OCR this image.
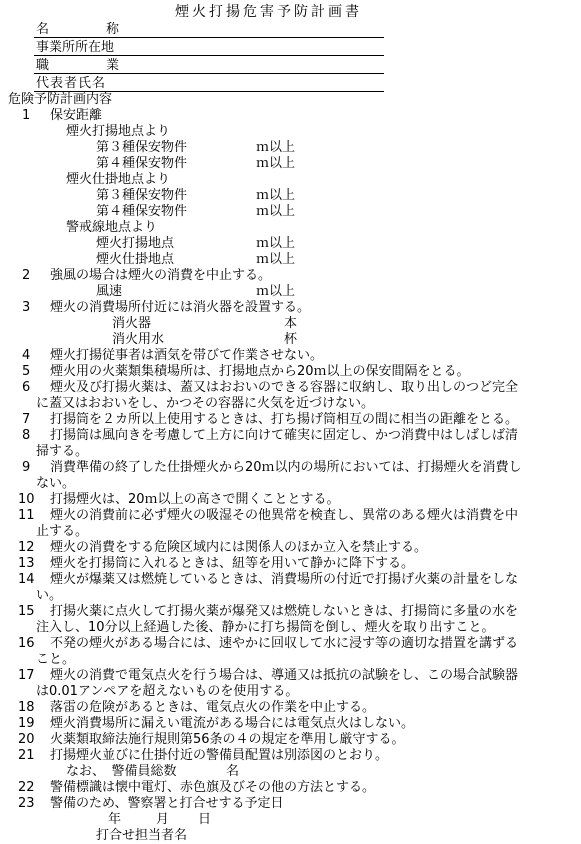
煙火打揚危害予防計画書
名　　　　称
事業所所在地
職　　　　業
代表者氏名
危険予防計画内容
1 保安距離
煙火打揚地点より
第３種保安物件	ｍ以上
第４種保安物件	ｍ以上
煙火仕掛地点より
第３種保安物件	ｍ以上
第４種保安物件	ｍ以上
警戒線地点より
煙火打揚地点	ｍ以上
煙火仕掛地点	ｍ以上
2 強風の場合は煙火の消費を中止する。
風速	ｍ以上
3 煙火の消費場所付近には消火器を設置する。
消火器	本
消火用水	杯
4 煙火打揚従事者は酒気を帯びて作業させない。
5 煙火用の火薬類集積場所は、打揚地点から20ｍ以上の保安間隔をとる。
6 煙火及び打揚火薬は、蓋又はおおいのできる容器に収納し、取り出しのつど完全
に蓋又はおおいをし、かつその容器に火気を近づけない。
7 打揚筒を２カ所以上使用するときは、打ち揚げ筒相互の間に相当の距離をとる。
8 打揚筒は風向きを考慮して上方に向けて確実に固定し、かつ消費中はしばしば清
掃する。
9 消費準備の終了した仕掛煙火から20ｍ以内の場所においては、打揚煙火を消費し
ない。
10 打揚煙火は、20ｍ以上の高さで開くこととする。
11 煙火の消費前に必ず煙火の吸湿その他異常を検査し、異常のある煙火は消費を中
止する。
12 煙火の消費をする危険区域内には関係人のほか立入を禁止する。
13 煙火を打揚筒に入れるときは、紐等を用いて静かに降下する。
14 煙火が爆薬又は燃焼しているときは、消費場所の付近で打揚げ火薬の計量をしな
い。
15 打揚火薬に点火して打揚火薬が爆発又は燃焼しないときは、打揚筒に多量の水を
注入し、10分以上経過した後、静かに打ち揚筒を倒し、煙火を取り出すこと。
16 不発の煙火がある場合には、速やかに回収して水に浸す等の適切な措置を講ずる
こと。
17 煙火の消費で電気点火を行う場合は、導通又は抵抗の試験をし、この場合試験器
は0.01アンペアを超えないものを使用する。
18 落雷の危険があるときは、電気点火の作業を中止する。
19 煙火消費場所に漏えい電流がある場合には電気点火はしない。
20 火薬類取締法施行規則第56条の４の規定を準用し厳守する。
21 打揚煙火並びに仕掛付近の警備員配置は別添図のとおり。
なお、　警備員総数	名
22 警備標識は懐中電灯、赤色旗及びその他の方法とする。
23 警備のため、警察署と打合せする予定日
年	月 日
打合せ担当者名
